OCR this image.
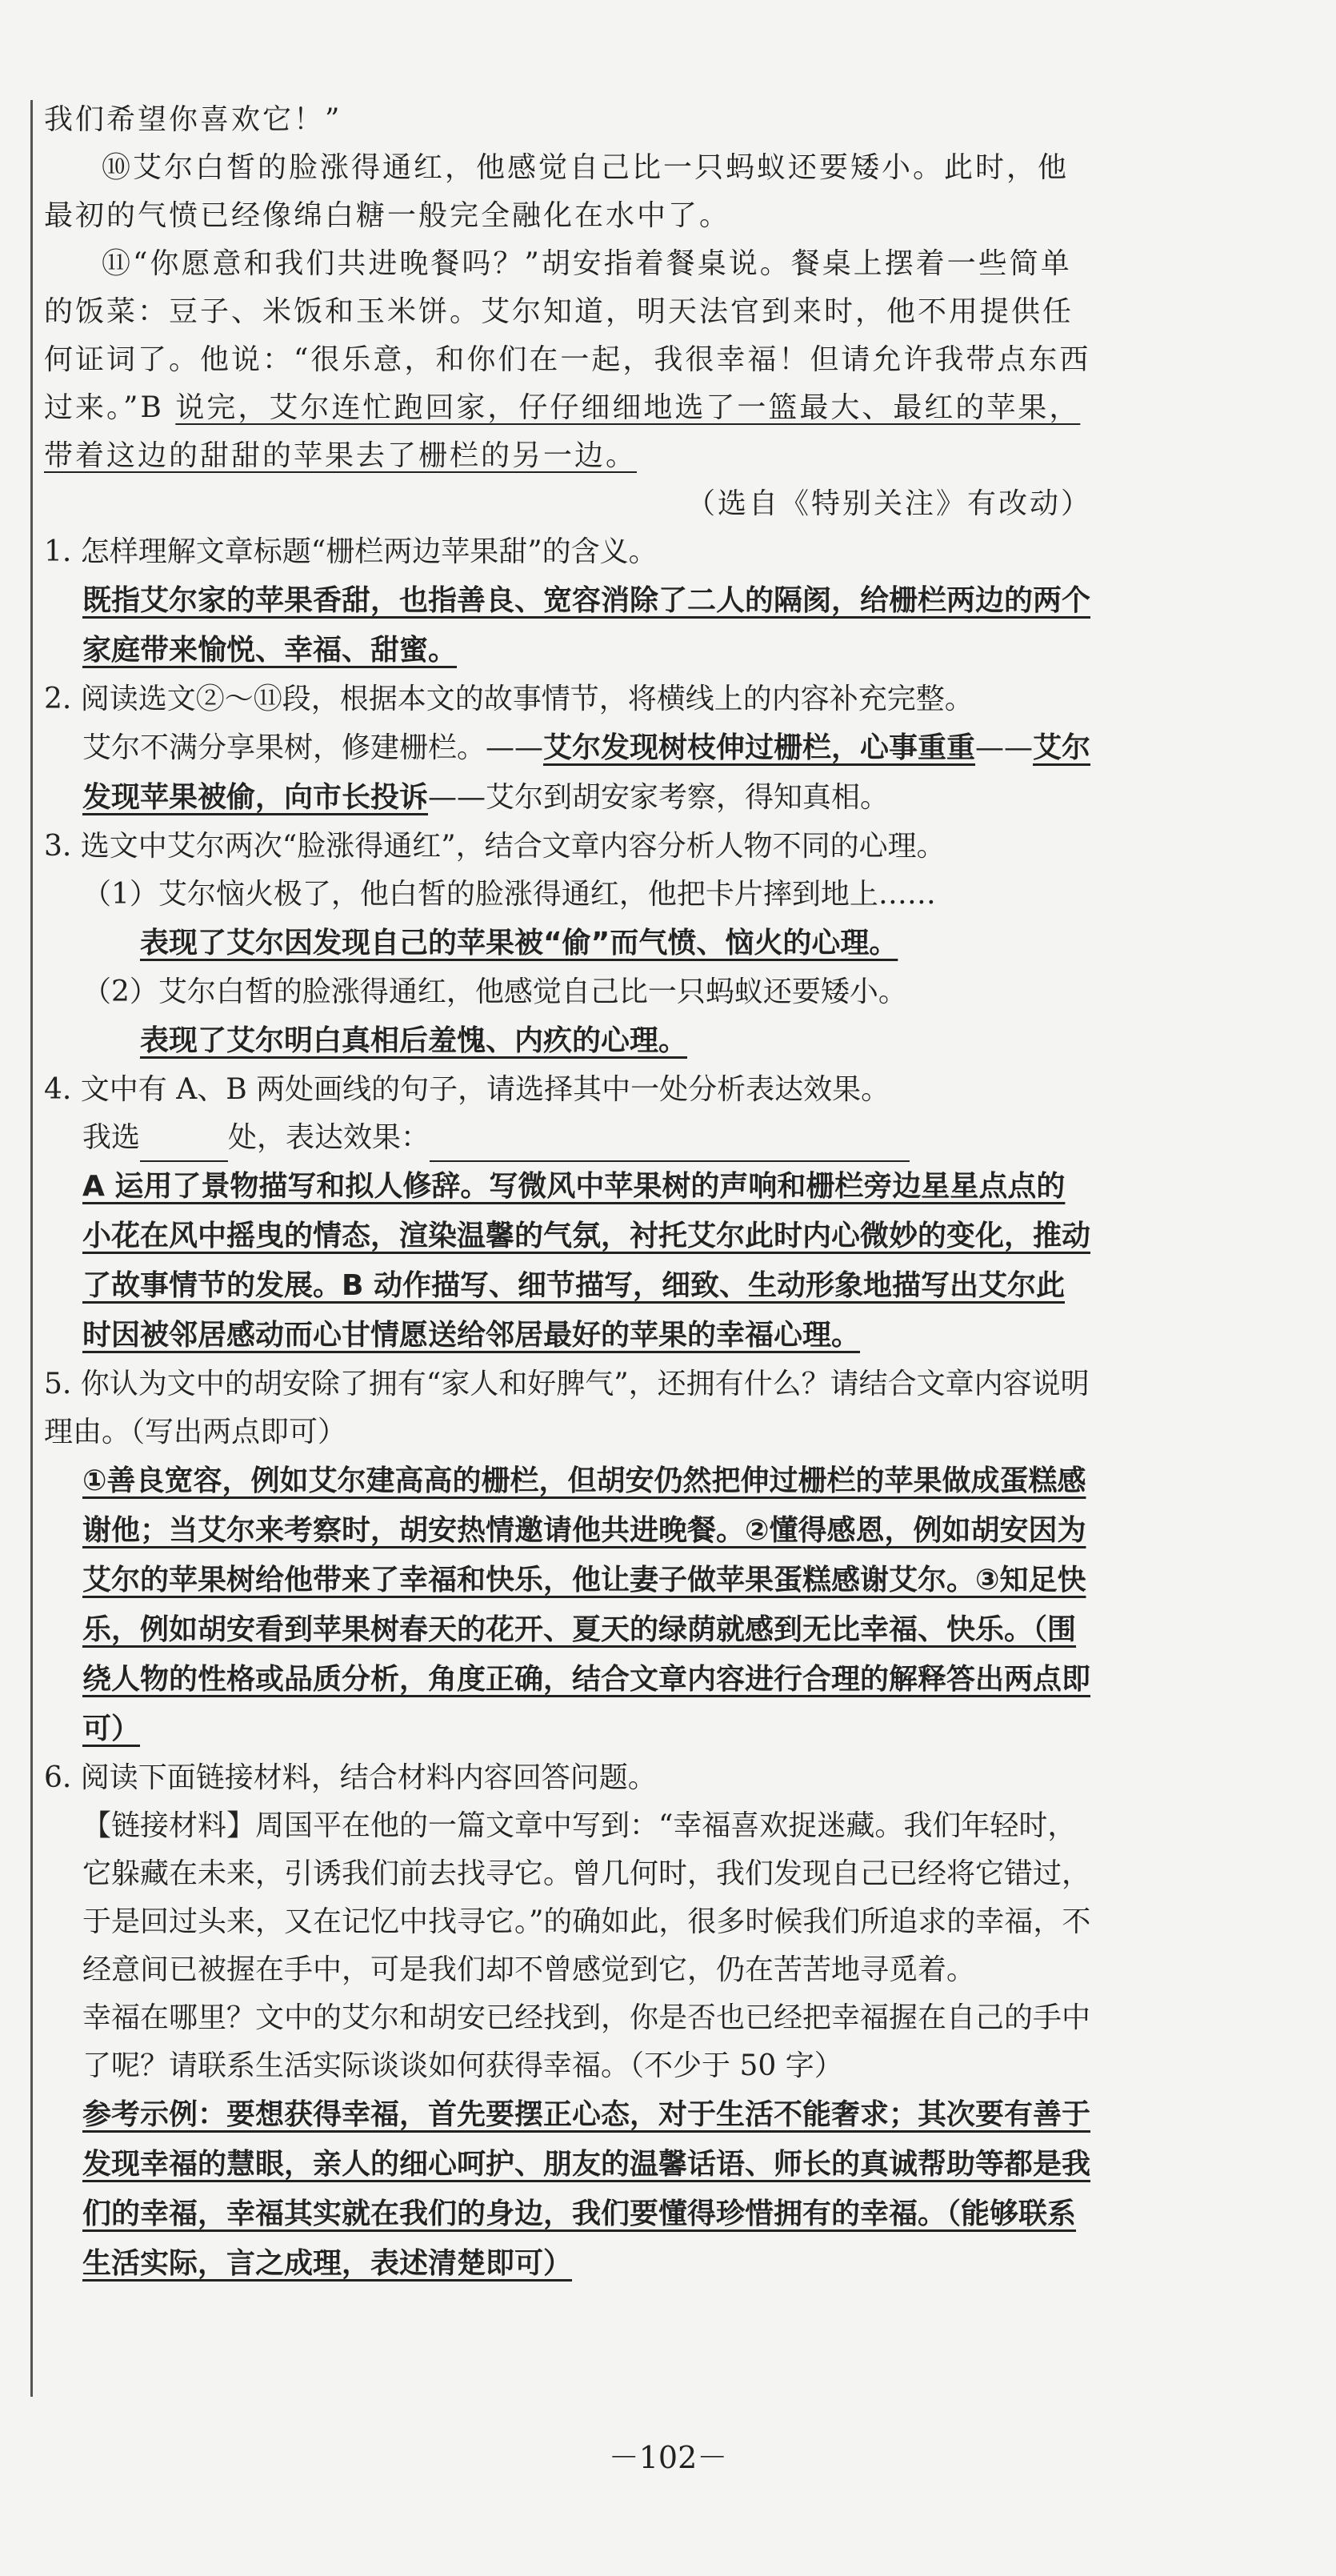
我们希望你喜欢它！”
⑩艾尔白皙的脸涨得通红，他感觉自己比一只蚂蚁还要矮小。此时，他最初的气愤已经像绵白糖一般完全融化在水中了。
⑪“你愿意和我们共进晚餐吗？”胡安指着餐桌说。餐桌上摆着一些简单的饭菜：豆子、米饭和玉米饼。艾尔知道，明天法官到来时，他不用提供任何证词了。他说：“很乐意，和你们在一起，我很幸福！但请允许我带点东西过来。”B 说完，艾尔连忙跑回家，仔仔细细地选了一篮最大、最红的苹果，带着这边的甜甜的苹果去了栅栏的另一边。
（选自《特别关注》有改动）
1. 怎样理解文章标题“栅栏两边苹果甜”的含义。
既指艾尔家的苹果香甜，也指善良、宽容消除了二人的隔阂，给栅栏两边的两个家庭带来愉悦、幸福、甜蜜。
2. 阅读选文②～⑪段，根据本文的故事情节，将横线上的内容补充完整。
艾尔不满分享果树，修建栅栏。——艾尔发现树枝伸过栅栏，心事重重——艾尔发现苹果被偷，向市长投诉——艾尔到胡安家考察，得知真相。
3. 选文中艾尔两次“脸涨得通红”，结合文章内容分析人物不同的心理。
（1）艾尔恼火极了，他白皙的脸涨得通红，他把卡片摔到地上……
表现了艾尔因发现自己的苹果被“偷”而气愤、恼火的心理。
（2）艾尔白皙的脸涨得通红，他感觉自己比一只蚂蚁还要矮小。
表现了艾尔明白真相后羞愧、内疚的心理。
4. 文中有 A、B 两处画线的句子，请选择其中一处分析表达效果。
我选	处，表达效果：
A 运用了景物描写和拟人修辞。写微风中苹果树的声响和栅栏旁边星星点点的小花在风中摇曳的情态，渲染温馨的气氛，衬托艾尔此时内心微妙的变化，推动了故事情节的发展。B 动作描写、细节描写，细致、生动形象地描写出艾尔此时因被邻居感动而心甘情愿送给邻居最好的苹果的幸福心理。
5. 你认为文中的胡安除了拥有“家人和好脾气”，还拥有什么？请结合文章内容说明理由。（写出两点即可）
①善良宽容，例如艾尔建高高的栅栏，但胡安仍然把伸过栅栏的苹果做成蛋糕感谢他；当艾尔来考察时，胡安热情邀请他共进晚餐。②懂得感恩，例如胡安因为艾尔的苹果树给他带来了幸福和快乐，他让妻子做苹果蛋糕感谢艾尔。③知足快乐，例如胡安看到苹果树春天的花开、夏天的绿荫就感到无比幸福、快乐。（围绕人物的性格或品质分析，角度正确，结合文章内容进行合理的解释答出两点即可）
6. 阅读下面链接材料，结合材料内容回答问题。
【链接材料】周国平在他的一篇文章中写到：“幸福喜欢捉迷藏。我们年轻时，它躲藏在未来，引诱我们前去找寻它。曾几何时，我们发现自己已经将它错过，于是回过头来，又在记忆中找寻它。”的确如此，很多时候我们所追求的幸福，不经意间已被握在手中，可是我们却不曾感觉到它，仍在苦苦地寻觅着。
幸福在哪里？文中的艾尔和胡安已经找到，你是否也已经把幸福握在自己的手中了呢？请联系生活实际谈谈如何获得幸福。（不少于 50 字）
参考示例：要想获得幸福，首先要摆正心态，对于生活不能奢求；其次要有善于发现幸福的慧眼，亲人的细心呵护、朋友的温馨话语、师长的真诚帮助等都是我们的幸福，幸福其实就在我们的身边，我们要懂得珍惜拥有的幸福。（能够联系生活实际，言之成理，表述清楚即可）
－102－
